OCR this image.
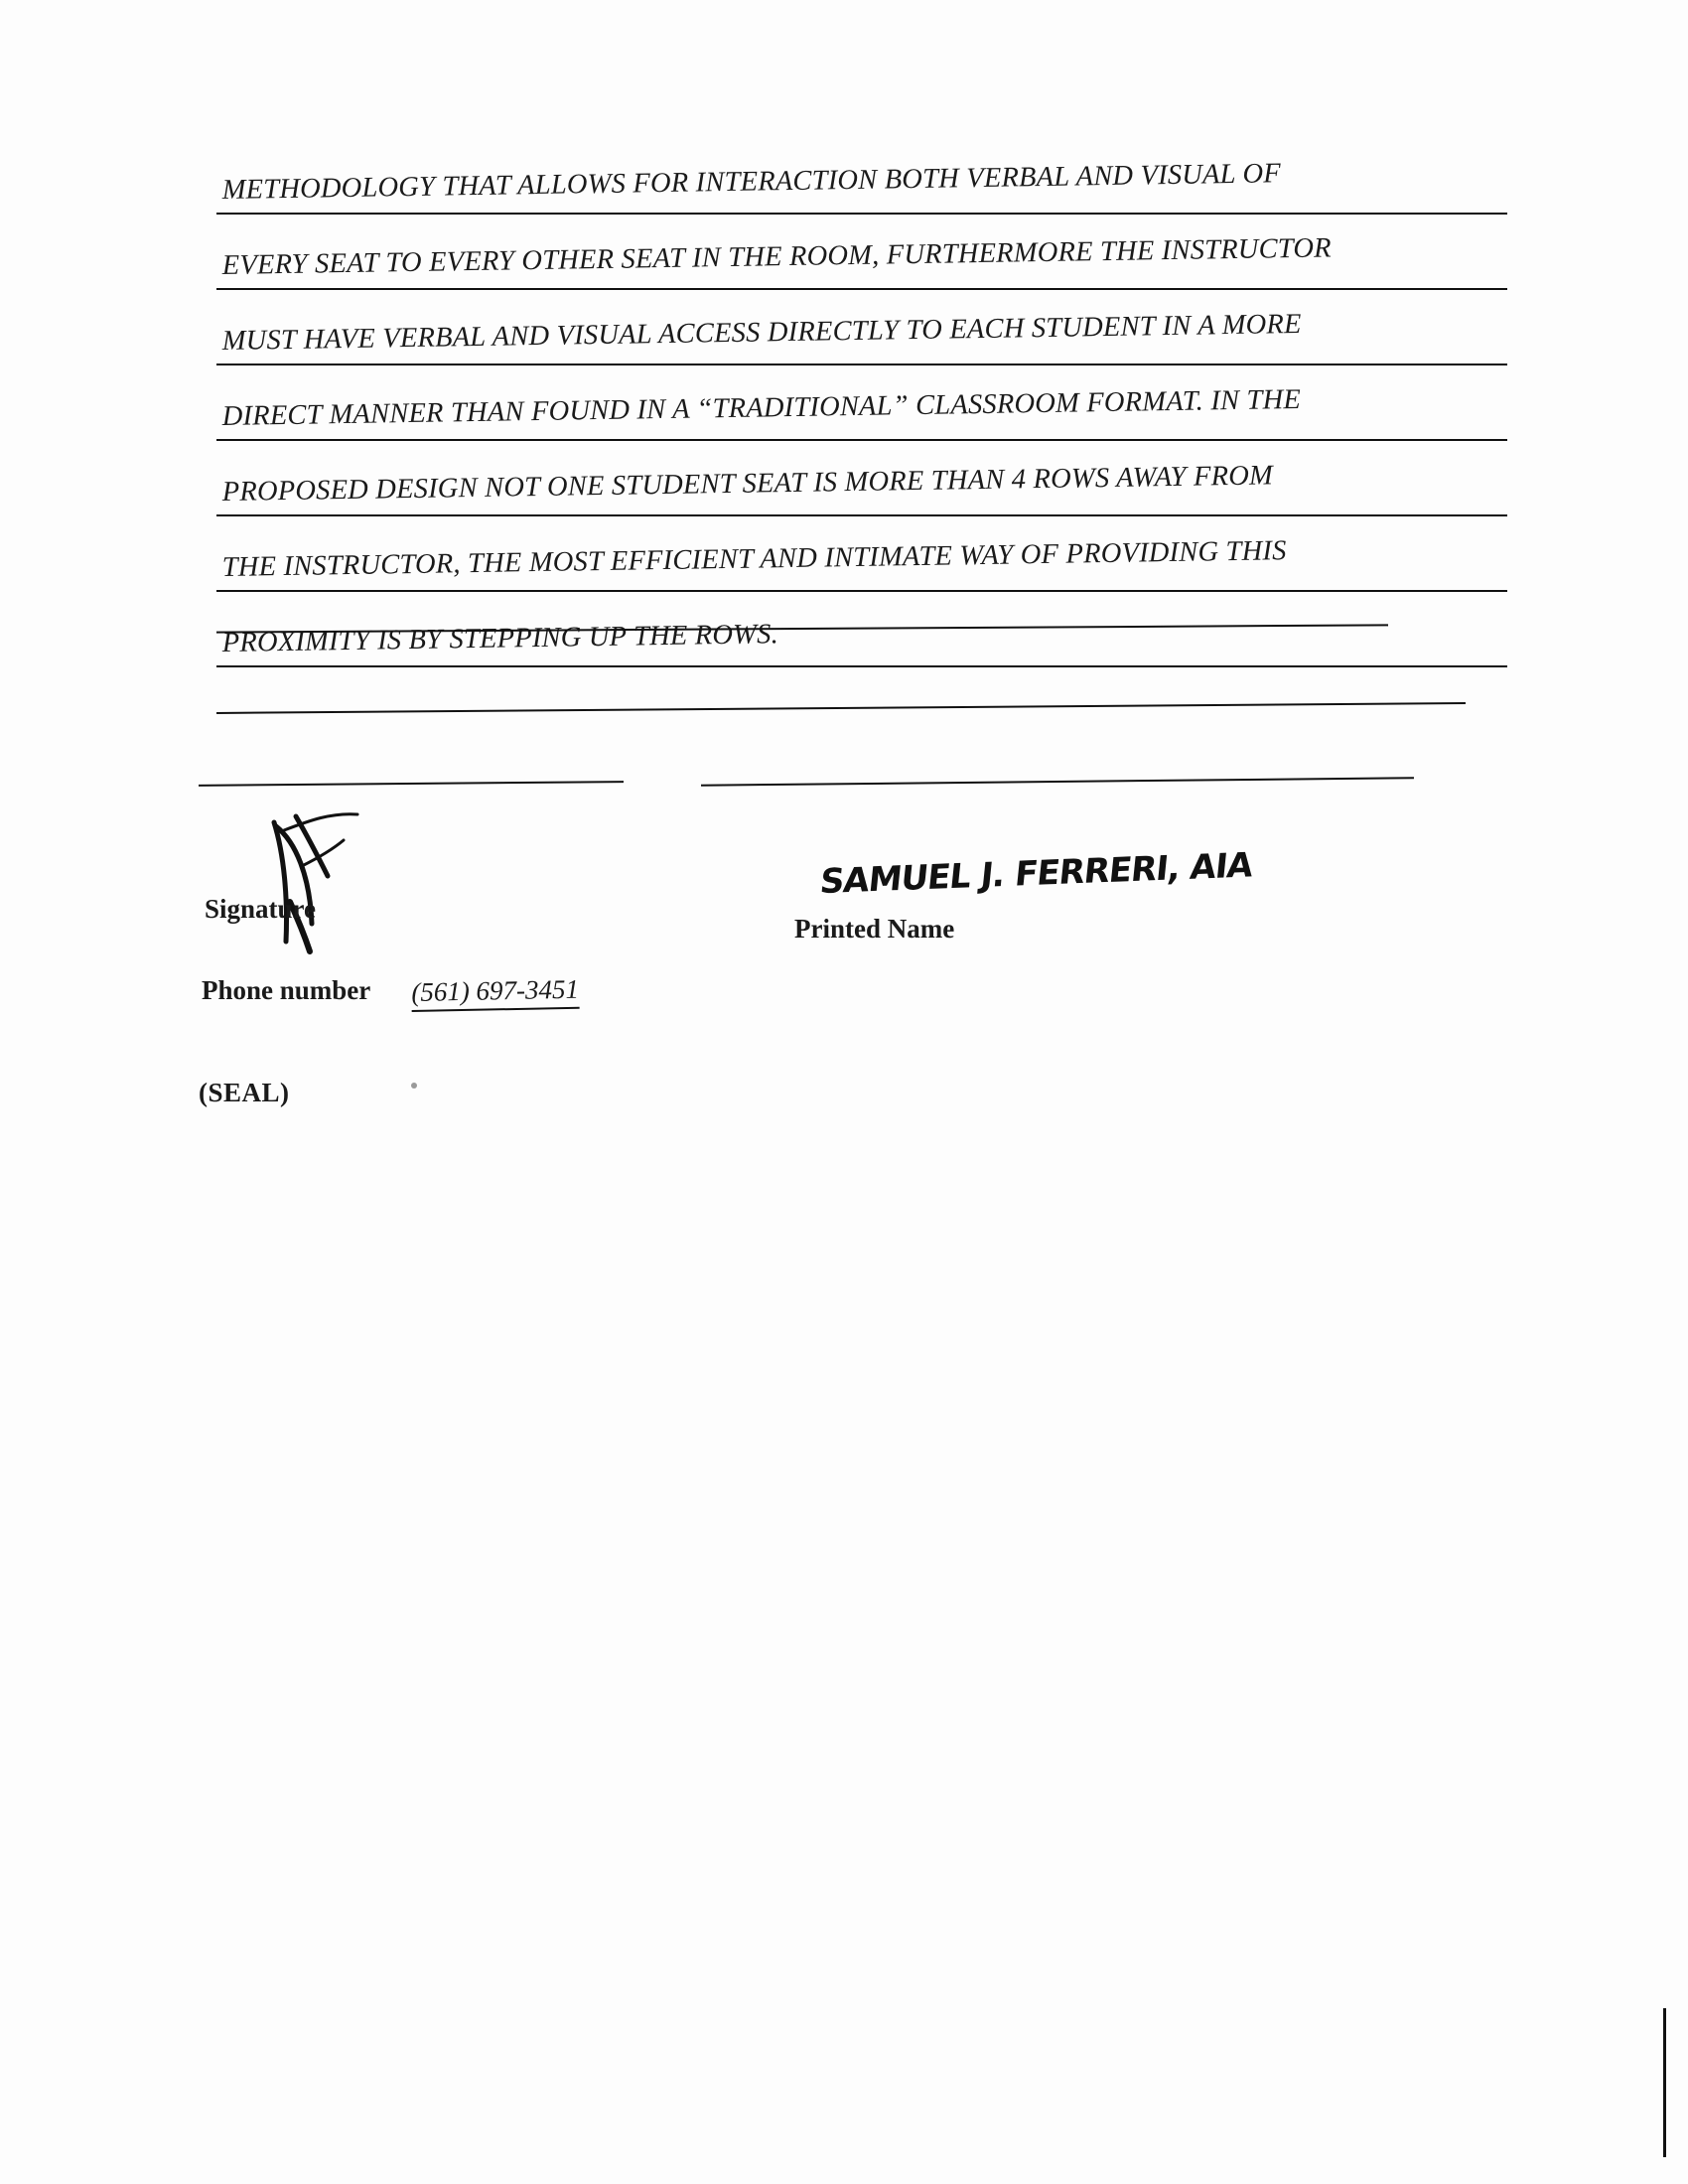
METHODOLOGY THAT ALLOWS FOR INTERACTION BOTH VERBAL AND VISUAL OF
EVERY SEAT TO EVERY OTHER SEAT IN THE ROOM, FURTHERMORE THE INSTRUCTOR
MUST HAVE VERBAL AND VISUAL ACCESS DIRECTLY TO EACH STUDENT IN A MORE
DIRECT MANNER THAN FOUND IN A “TRADITIONAL” CLASSROOM FORMAT. IN THE
PROPOSED DESIGN NOT ONE STUDENT SEAT IS MORE THAN 4 ROWS AWAY FROM
THE INSTRUCTOR, THE MOST EFFICIENT AND INTIMATE WAY OF PROVIDING THIS
PROXIMITY IS BY STEPPING UP THE ROWS.
Signature
Printed Name
SAMUEL J. FERRERI, AIA
Phone number (561) 697-3451
(SEAL)
